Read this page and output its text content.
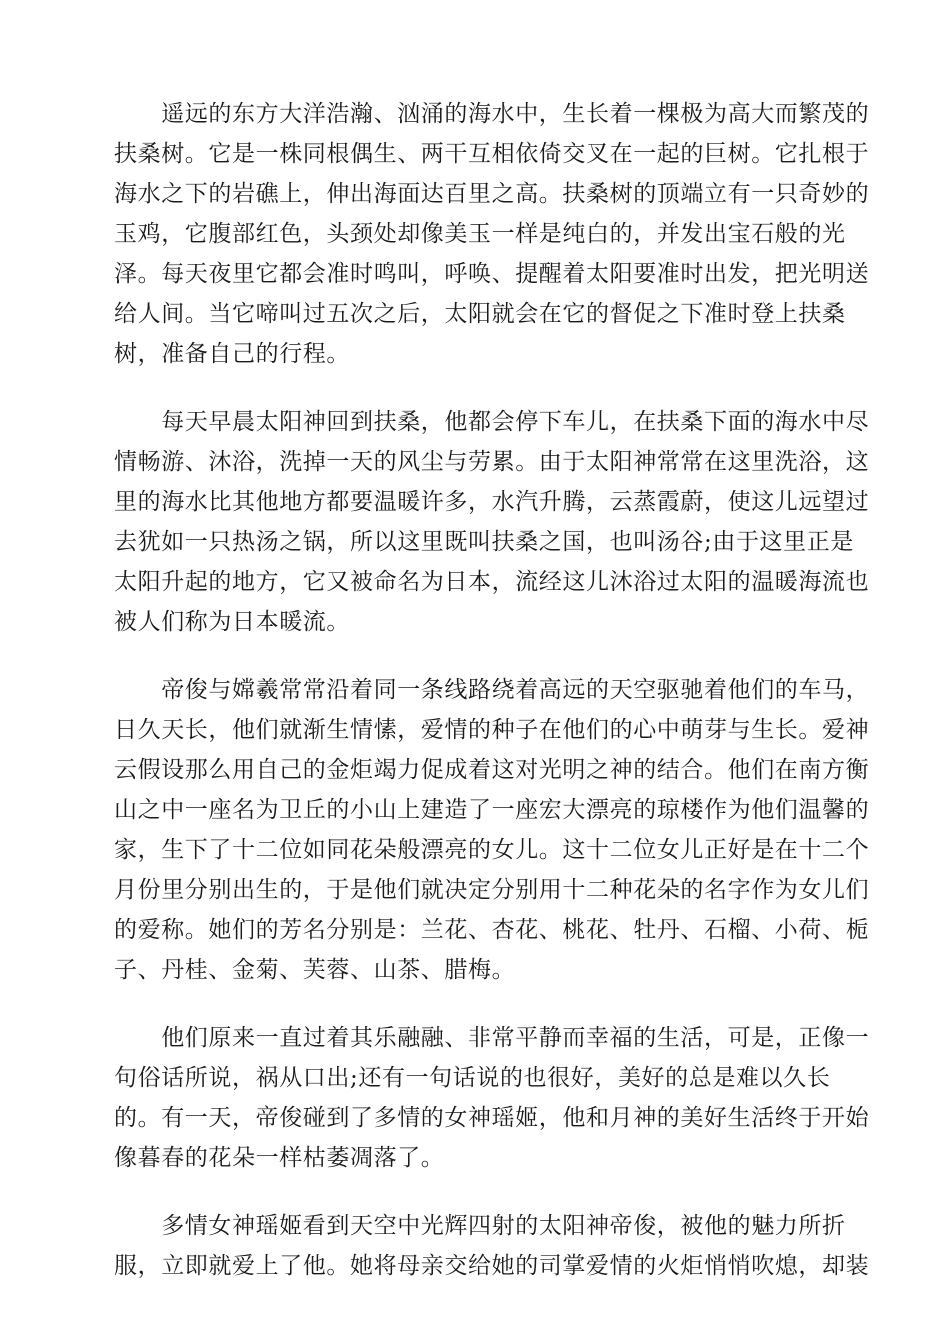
　　遥远的东方大洋浩瀚、汹涌的海水中，生长着一棵极为高大而繁茂的
扶桑树。它是一株同根偶生、两干互相依倚交叉在一起的巨树。它扎根于
海水之下的岩礁上，伸出海面达百里之高。扶桑树的顶端立有一只奇妙的
玉鸡，它腹部红色，头颈处却像美玉一样是纯白的，并发出宝石般的光
泽。每天夜里它都会准时鸣叫，呼唤、提醒着太阳要准时出发，把光明送
给人间。当它啼叫过五次之后，太阳就会在它的督促之下准时登上扶桑
树，准备自己的行程。
　　每天早晨太阳神回到扶桑，他都会停下车儿，在扶桑下面的海水中尽
情畅游、沐浴，洗掉一天的风尘与劳累。由于太阳神常常在这里洗浴，这
里的海水比其他地方都要温暖许多，水汽升腾，云蒸霞蔚，使这儿远望过
去犹如一只热汤之锅，所以这里既叫扶桑之国，也叫汤谷;由于这里正是
太阳升起的地方，它又被命名为日本，流经这儿沐浴过太阳的温暖海流也
被人们称为日本暖流。
　　帝俊与嫦羲常常沿着同一条线路绕着高远的天空驱驰着他们的车马，
日久天长，他们就渐生情愫，爱情的种子在他们的心中萌芽与生长。爱神
云假设那么用自己的金炬竭力促成着这对光明之神的结合。他们在南方衡
山之中一座名为卫丘的小山上建造了一座宏大漂亮的琼楼作为他们温馨的
家，生下了十二位如同花朵般漂亮的女儿。这十二位女儿正好是在十二个
月份里分别出生的，于是他们就决定分别用十二种花朵的名字作为女儿们
的爱称。她们的芳名分别是：兰花、杏花、桃花、牡丹、石榴、小荷、栀
子、丹桂、金菊、芙蓉、山茶、腊梅。
　　他们原来一直过着其乐融融、非常平静而幸福的生活，可是，正像一
句俗话所说，祸从口出;还有一句话说的也很好，美好的总是难以久长
的。有一天，帝俊碰到了多情的女神瑶姬，他和月神的美好生活终于开始
像暮春的花朵一样枯萎凋落了。
　　多情女神瑶姬看到天空中光辉四射的太阳神帝俊，被他的魅力所折
服，立即就爱上了他。她将母亲交给她的司掌爱情的火炬悄悄吹熄，却装
